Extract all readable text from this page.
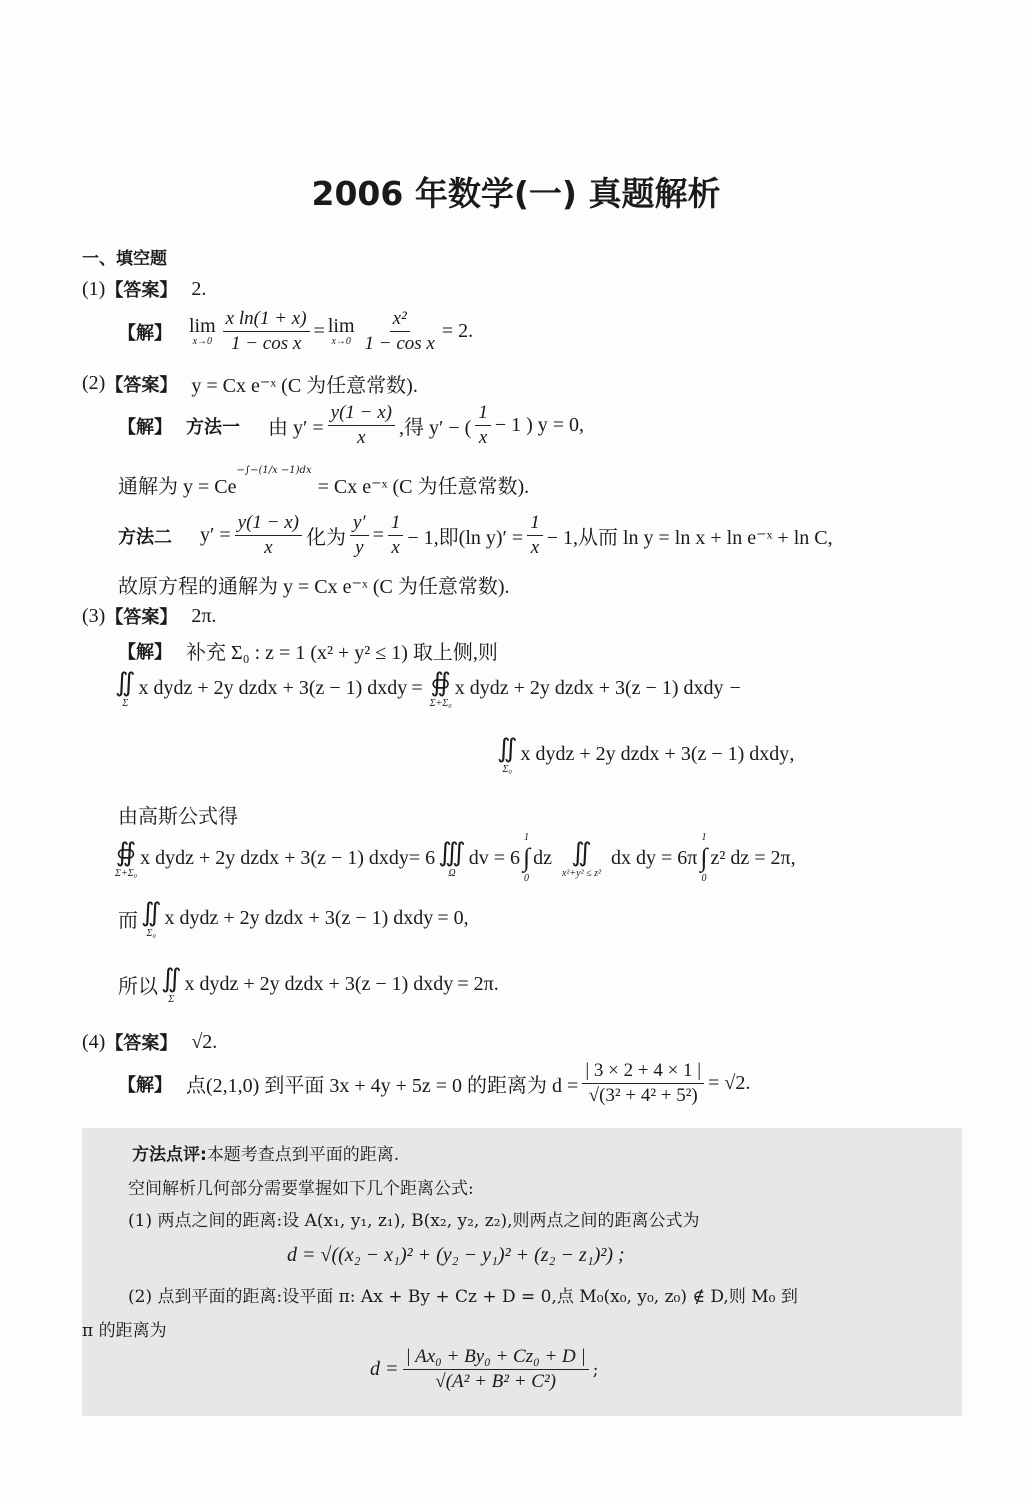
2006 年数学(一) 真题解析
一、填空题
(1) 【答案】 2.
【解】 lim
$x\to 0 \frac{\text{x ln(1 + x)}}{\text{1 − cos x}} = \lim$
$x\to 0 \frac{\text{x²}}{\text{1 − cos x}} = 2$.
(2) 【答案】 y = Cx e⁻ˣ (C 为任意常数).
【解】 方法一 由 $y' = \frac{y(1 - x)}{x}$ ,得 y′ − ( $\frac{1}{x} - 1$ ) y = 0,
通解为 y = Ce
$^{-\int-(1/x -1)dx}$
= Cx e⁻ˣ (C 为任意常数).
方法二 $y' = \frac{y(1 - x)}{x}$ 化为 $\frac{y'}{y} = \frac{1}{x} - 1$,即(ln $y)' = \frac{1}{x} - 1$,从而 ln y = ln x + ln e⁻ˣ + ln C,
故原方程的通解为 y = Cx e⁻ˣ (C 为任意常数).
(3) 【答案】 2π.
【解】 补充 Σ₀ : z = 1 (x² + y² ≤ 1) 取上侧,则
∬
Σ
x dydz + 2y dzdx + 3(z − 1) dxdy = ∯
Σ+Σ₀
x dydz + 2y dzdx + 3(z − 1) dxdy −
∬
Σ₀
x dydz + 2y dzdx + 3(z − 1) dxdy ,
由高斯公式得
∯
Σ+Σ₀
x dydz + 2y dzdx + 3(z − 1) dxdy = 6 ∭
Ω
dv = 6
1
∫
0
dz ∬
x²+y² ≤ z²
dx dy = 6π
1
∫
0
z² dz = 2π,
而 ∬
Σ₀
x dydz + 2y dzdx + 3(z − 1) dxdy = 0,
所以 ∬
Σ
x dydz + 2y dzdx + 3(z − 1) dxdy = 2π.
(4) 【答案】 √2.
【解】 点(2,1,0) 到平面 3x + 4y + 5z = 0 的距离为 $d = \frac{| 3 \times 2 + 4 \times 1 |}{\text{√(3² + 4² + 5²)}} = √2$.
方法点评: 本题考查点到平面的距离.
空间解析几何部分需要掌握如下几个距离公式:
(1) 两点之间的距离:设 A(x₁, y₁, z₁), B(x₂, y₂, z₂),则两点之间的距离公式为
d = √((x₂ − x₁)² + (y₂ − y₁)² + (z₂ − z₁)²) ;
(2) 点到平面的距离:设平面 π: Ax + By + Cz + D = 0,点 M₀(x₀, y₀, z₀) ∉ D,则 M₀ 到
π 的距离为
$d = \frac{\text{| Ax₀ + By₀ + Cz₀ + D |}}{\text{√(A² + B² + C²)}}$ ;
